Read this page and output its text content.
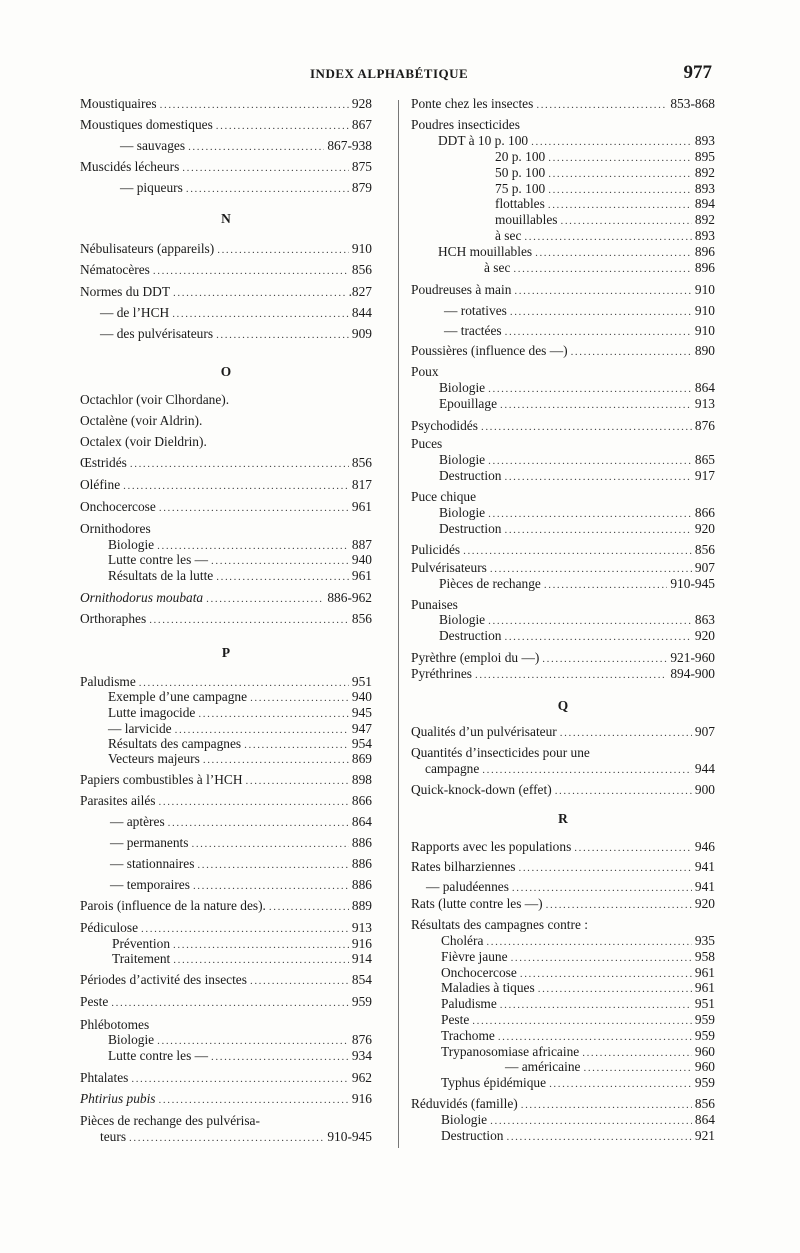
INDEX ALPHABÉTIQUE	977
Moustiquaires .....	928
Moustiques domestiques .....	867
— sauvages .....	867-938
Muscidés lécheurs .....	875
— piqueurs .....	879
N
Nébulisateurs (appareils) .....	910
Nématocères .....	856
Normes du DDT .....	.827
— de l’HCH .....	844
— des pulvérisateurs .....	909
O
Octachlor (voir Clhordane).
Octalène (voir Aldrin).
Octalex (voir Dieldrin).
Œstridés .....	856
Oléfine .....	817
Onchocercose .....	961
Ornithodores
Biologie .....	887
Lutte contre les — .....	940
Résultats de la lutte .....	961
Ornithodorus moubata .....	886-962
Orthoraphes .....	856
P
Paludisme .....	951
Exemple d’une campagne .....	940
Lutte imagocide .....	945
— larvicide .....	947
Résultats des campagnes .....	954
Vecteurs majeurs .....	869
Papiers combustibles à l’HCH .....	898
Parasites ailés .....	866
— aptères .....	864
— permanents .....	886
— stationnaires .....	886
— temporaires .....	886
Parois (influence de la nature des). .....	889
Pédiculose .....	913
Prévention .....	916
Traitement .....	914
Périodes d’activité des insectes .....	854
Peste .....	959
Phlébotomes
Biologie .....	876
Lutte contre les — .....	934
Phtalates .....	962
Phtirius pubis .....	916
Pièces de rechange des pulvérisa-
teurs .....	910-945
Ponte chez les insectes .....	853-868
Poudres insecticides
DDT à 10 p. 100 .....	893
20 p. 100 .....	895
50 p. 100 .....	892
75 p. 100 .....	893
flottables .....	894
mouillables .....	892
à sec .....	893
HCH mouillables .....	896
à sec .....	896
Poudreuses à main .....	910
— rotatives .....	910
— tractées .....	910
Poussières (influence des —) .....	890
Poux
Biologie .....	864
Epouillage .....	913
Psychodidés .....	876
Puces
Biologie .....	865
Destruction .....	917
Puce chique
Biologie .....	866
Destruction .....	920
Pulicidés .....	856
Pulvérisateurs .....	907
Pièces de rechange .....	910-945
Punaises
Biologie .....	863
Destruction .....	920
Pyrèthre (emploi du —) .....	921-960
Pyréthrines .....	894-900
Q
Qualités d’un pulvérisateur .....	907
Quantités d’insecticides pour une
campagne .....	944
Quick-knock-down (effet) .....	900
R
Rapports avec les populations .....	946
Rates bilharziennes .....	941
— paludéennes .....	941
Rats (lutte contre les —) .....	920
Résultats des campagnes contre :
Choléra .....	935
Fièvre jaune .....	958
Onchocercose .....	961
Maladies à tiques .....	961
Paludisme .....	951
Peste .....	959
Trachome .....	959
Trypanosomiase africaine .....	960
— américaine .....	960
Typhus épidémique .....	959
Réduvidés (famille) .....	856
Biologie .....	864
Destruction .....	921
